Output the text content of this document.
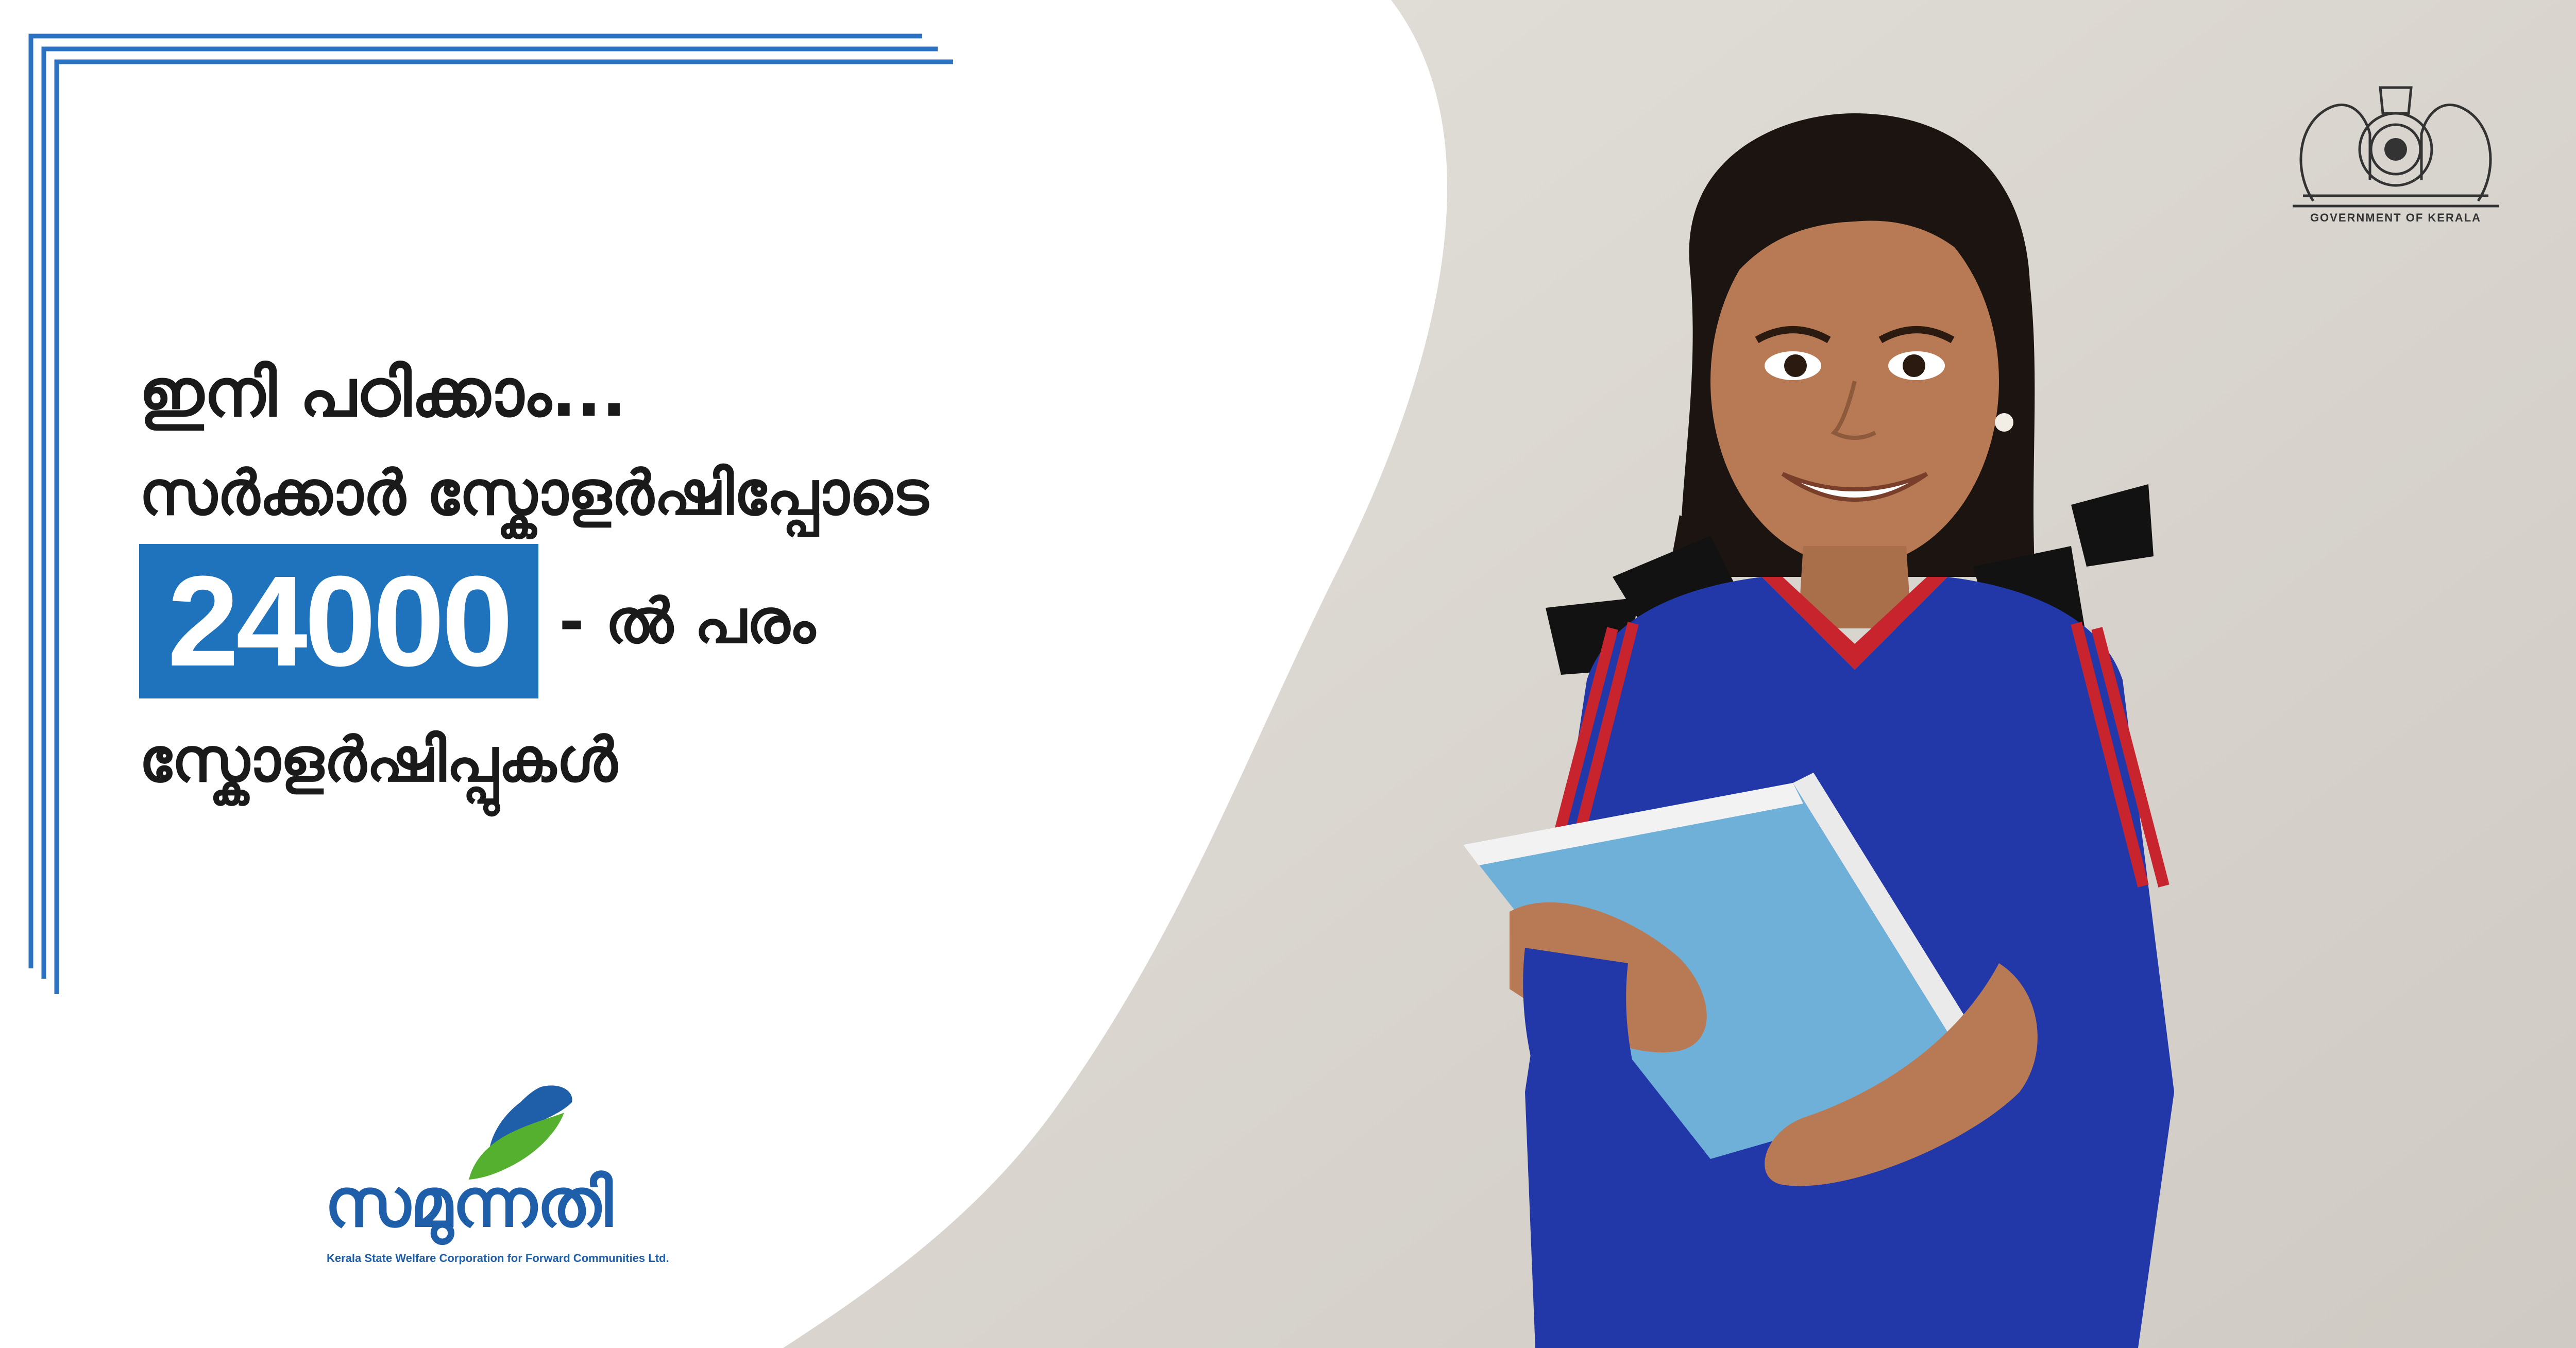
ഇനി പഠിക്കാം...
സർക്കാർ സ്കോളർഷിപ്പോടെ
24000 - ൽ പരം
സ്കോളർഷിപ്പുകൾ
സമുന്നതി
Kerala State Welfare Corporation for Forward Communities Ltd.
GOVERNMENT OF KERALA
